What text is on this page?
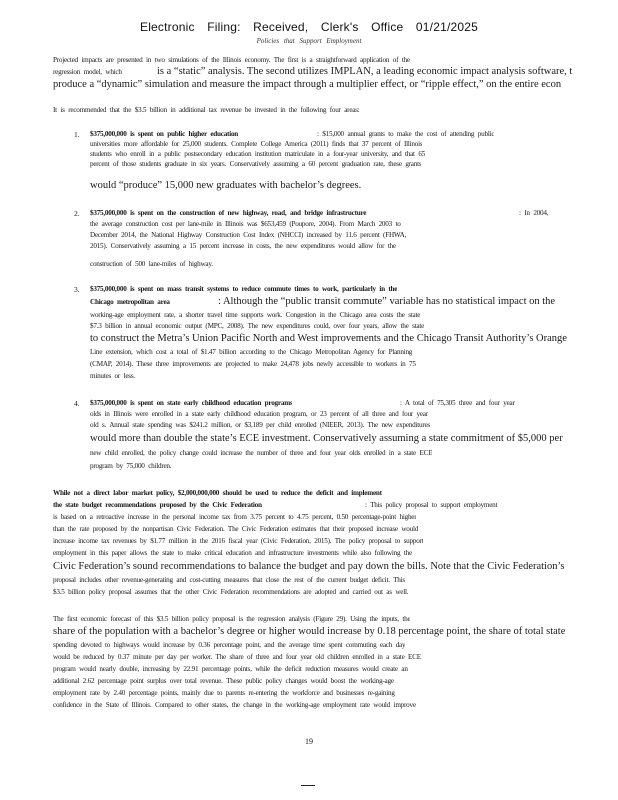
Electronic Filing: Received, Clerk's Office 01/21/2025
Policies that Support Employment
Projected impacts are presented in two simulations of the Illinois economy. The first is a straightforward application of the
regression model, which	is a “static” analysis. The second utilizes IMPLAN, a leading economic impact analysis software, t
produce a “dynamic” simulation and measure the impact through a multiplier effect, or “ripple effect,” on the entire econ
It is recommended that the $3.5 billion in additional tax revenue be invested in the following four areas:
1. $375,000,000 is spent on public higher education	: $15,000 annual grants to make the cost of attending public
universities more affordable for 25,000 students. Complete College America (2011) finds that 37 percent of Illinois
students who enroll in a public postsecondary education institution matriculate in a four-year university, and that 65
percent of those students graduate in six years. Conservatively assuming a 60 percent graduation rate, these grants
would “produce” 15,000 new graduates with bachelor’s degrees.
2. $375,000,000 is spent on the construction of new highway, road, and bridge infrastructure	: In 2004,
the average construction cost per lane-mile in Illinois was $653,459 (Poupore, 2004). From March 2003 to
December 2014, the National Highway Construction Cost Index (NHCCI) increased by 11.6 percent (FHWA,
2015). Conservatively assuming a 15 percent increase in costs, the new expenditures would allow for the
construction of 500 lane-miles of highway.
3. $375,000,000 is spent on mass transit systems to reduce commute times to work, particularly in the
Chicago metropolitan area	: Although the “public transit commute” variable has no statistical impact on the
working-age employment rate, a shorter travel time supports work. Congestion in the Chicago area costs the state
$7.3 billion in annual economic output (MPC, 2008). The new expenditures could, over four years, allow the state
to construct the Metra’s Union Pacific North and West improvements and the Chicago Transit Authority’s Orange
Line extension, which cost a total of $1.47 billion according to the Chicago Metropolitan Agency for Planning
(CMAP, 2014). These three improvements are projected to make 24,478 jobs newly accessible to workers in 75
minutes or less.
4. $375,000,000 is spent on state early childhood education programs	: A total of 75,305 three and four year
olds in Illinois were enrolled in a state early childhood education program, or 23 percent of all three and four year
old s. Annual state spending was $241.2 million, or $3,189 per child enrolled (NIEER, 2013). The new expenditures
would more than double the state’s ECE investment. Conservatively assuming a state commitment of $5,000 per
new child enrolled, the policy change could increase the number of three and four year olds enrolled in a state ECE
program by 75,000 children.
While not a direct labor market policy, $2,000,000,000 should be used to reduce the deficit and implement
the state budget recommendations proposed by the Civic Federation	: This policy proposal to support employment
is based on a retroactive increase in the personal income tax from 3.75 percent to 4.75 percent, 0.50 percentage-point higher
than the rate proposed by the nonpartisan Civic Federation. The Civic Federation estimates that their proposed increase would
increase income tax revenues by $1.77 million in the 2016 fiscal year (Civic Federation, 2015). The policy proposal to support
employment in this paper allows the state to make critical education and infrastructure investments while also following the
Civic Federation’s sound recommendations to balance the budget and pay down the bills. Note that the Civic Federation’s
proposal includes other revenue-generating and cost-cutting measures that close the rest of the current budget deficit. This
$3.5 billion policy proposal assumes that the other Civic Federation recommendations are adopted and carried out as well.
The first economic forecast of this $3.5 billion policy proposal is the regression analysis (Figure 29). Using the inputs, the
share of the population with a bachelor’s degree or higher would increase by 0.18 percentage point, the share of total state
spending devoted to highways would increase by 0.36 percentage point, and the average time spent commuting each day
would be reduced by 0.37 minute per day per worker. The share of three and four year old children enrolled in a state ECE
program would nearly double, increasing by 22.91 percentage points, while the deficit reduction measures would create an
additional 2.62 percentage point surplus over total revenue. These public policy changes would boost the working-age
employment rate by 2.40 percentage points, mainly due to parents re-entering the workforce and businesses re-gaining
confidence in the State of Illinois. Compared to other states, the change in the working-age employment rate would improve
19
